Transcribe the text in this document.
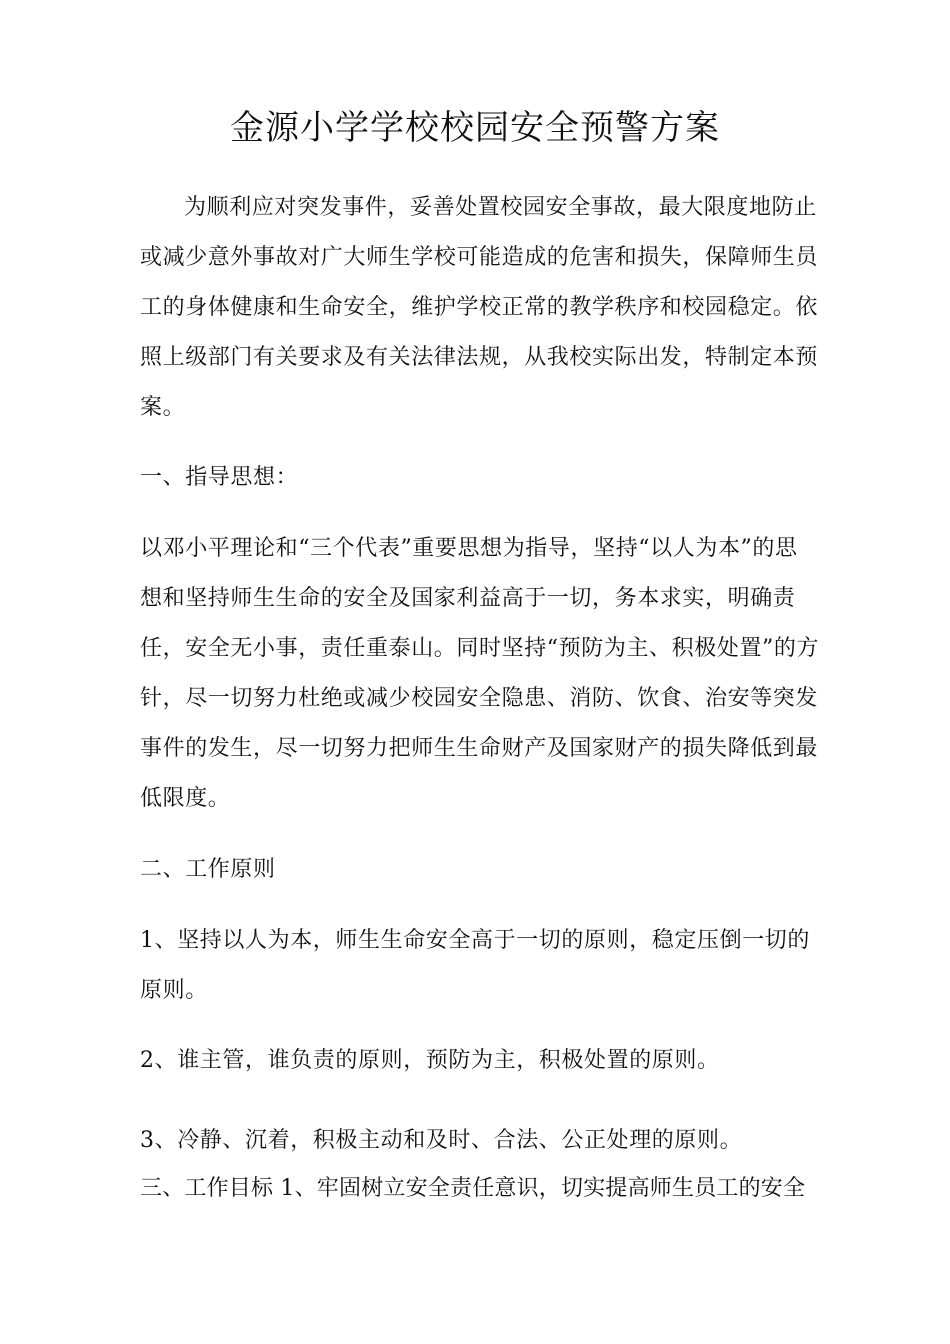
金源小学学校校园安全预警方案

为顺利应对突发事件，妥善处置校园安全事故，最大限度地防止或减少意外事故对广大师生学校可能造成的危害和损失，保障师生员工的身体健康和生命安全，维护学校正常的教学秩序和校园稳定。依照上级部门有关要求及有关法律法规，从我校实际出发，特制定本预案。

一、指导思想：

以邓小平理论和“三个代表”重要思想为指导，坚持“以人为本”的思想和坚持师生生命的安全及国家利益高于一切，务本求实，明确责任，安全无小事，责任重泰山。同时坚持“预防为主、积极处置”的方针，尽一切努力杜绝或减少校园安全隐患、消防、饮食、治安等突发事件的发生，尽一切努力把师生生命财产及国家财产的损失降低到最低限度。

二、工作原则

1、坚持以人为本，师生生命安全高于一切的原则，稳定压倒一切的原则。

2、谁主管，谁负责的原则，预防为主，积极处置的原则。

3、冷静、沉着，积极主动和及时、合法、公正处理的原则。

三、工作目标 1、牢固树立安全责任意识，切实提高师生员工的安全
